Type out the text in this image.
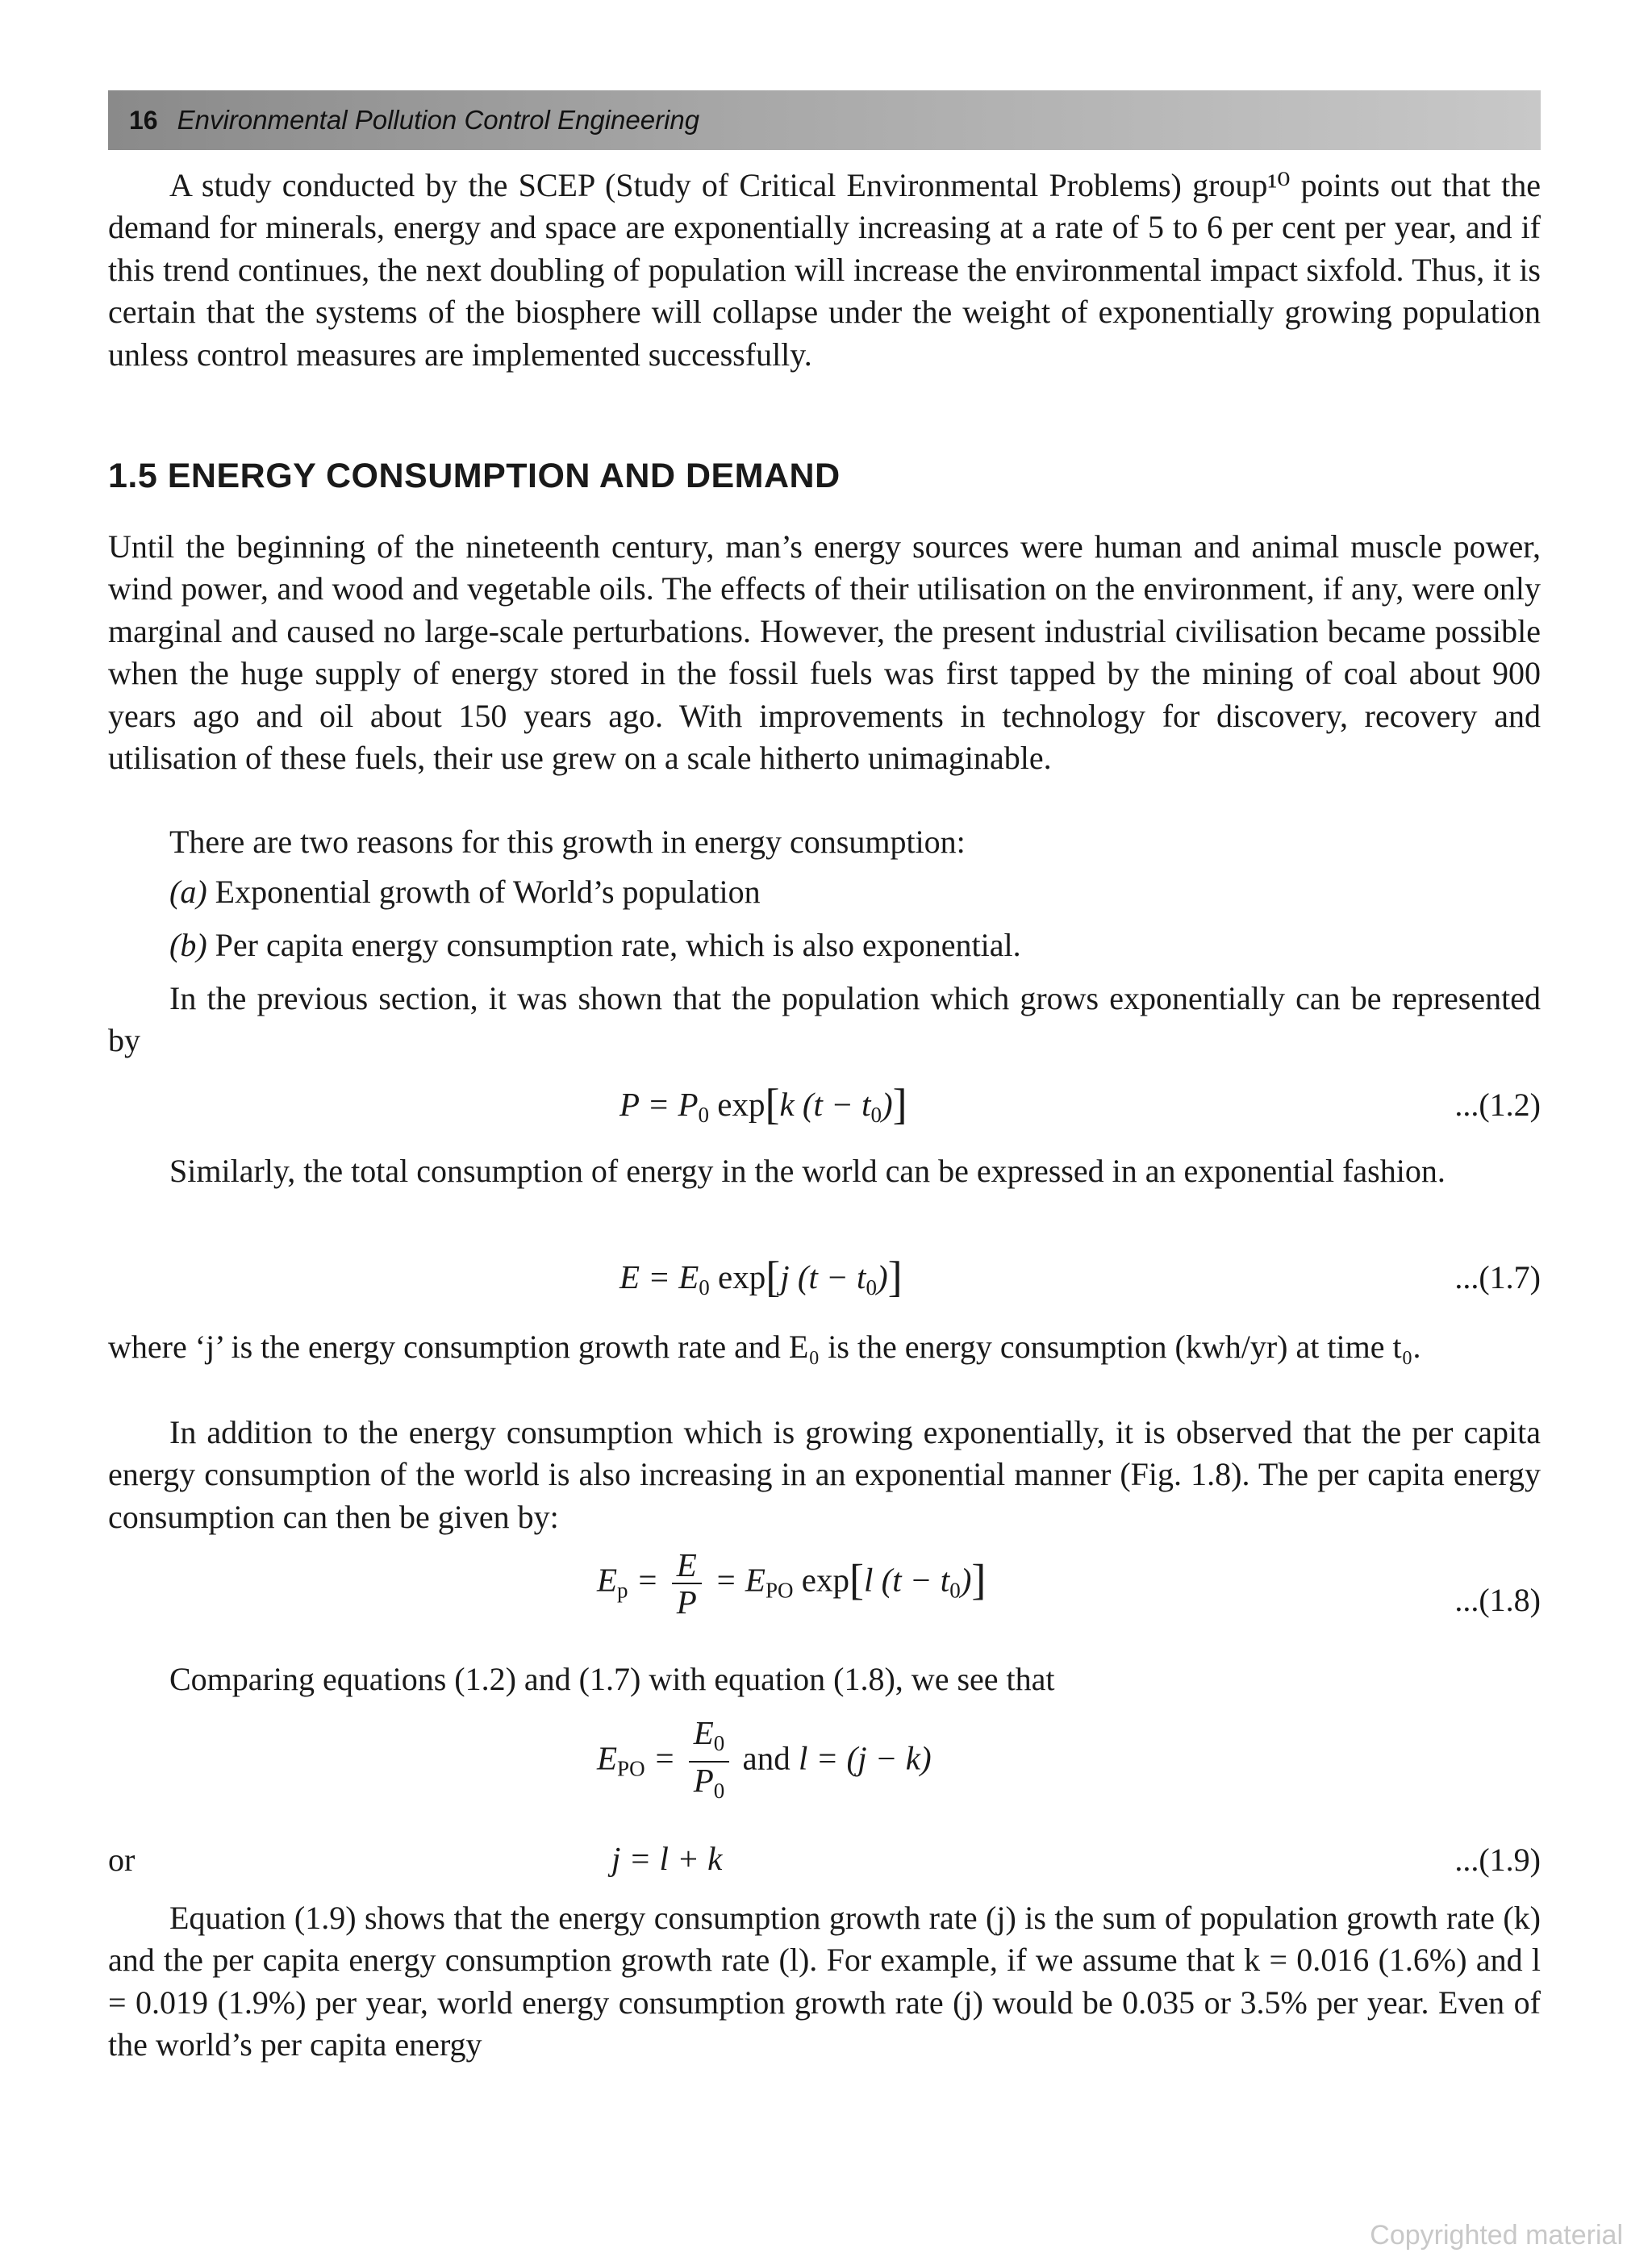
16 Environmental Pollution Control Engineering

A study conducted by the SCEP (Study of Critical Environmental Problems) group¹⁰ points out that the demand for minerals, energy and space are exponentially increasing at a rate of 5 to 6 per cent per year, and if this trend continues, the next doubling of population will increase the environmental impact sixfold. Thus, it is certain that the systems of the biosphere will collapse under the weight of exponentially growing population unless control measures are implemented successfully.

1.5 ENERGY CONSUMPTION AND DEMAND

Until the beginning of the nineteenth century, man’s energy sources were human and animal muscle power, wind power, and wood and vegetable oils. The effects of their utilisation on the environment, if any, were only marginal and caused no large-scale perturbations. However, the present industrial civilisation became possible when the huge supply of energy stored in the fossil fuels was first tapped by the mining of coal about 900 years ago and oil about 150 years ago. With improvements in technology for discovery, recovery and utilisation of these fuels, their use grew on a scale hitherto unimaginable.

There are two reasons for this growth in energy consumption:

(a) Exponential growth of World’s population
(b) Per capita energy consumption rate, which is also exponential.

In the previous section, it was shown that the population which grows exponentially can be represented by

$P = P_0$ exp[k $(t - t_0)$]	...(1.2)

Similarly, the total consumption of energy in the world can be expressed in an exponential fashion.

$E = E_0$ exp[j $(t - t_0)$]	...(1.7)

where ‘j’ is the energy consumption growth rate and E₀ is the energy consumption (kwh/yr) at time t₀.

In addition to the energy consumption which is growing exponentially, it is observed that the per capita energy consumption of the world is also increasing in an exponential manner (Fig. 1.8). The per capita energy consumption can then be given by:

$E_p = \frac{E}{P} = E_{PO}$ exp[l $(t - t_0)$]	...(1.8)

Comparing equations (1.2) and (1.7) with equation (1.8), we see that

$E_{PO} = \frac{E_0}{P_0}$ and l = (j − k)
or	j = l + k	...(1.9)

Equation (1.9) shows that the energy consumption growth rate (j) is the sum of population growth rate (k) and the per capita energy consumption growth rate (l). For example, if we assume that k = 0.016 (1.6%) and l = 0.019 (1.9%) per year, world energy consumption growth rate (j) would be 0.035 or 3.5% per year. Even of the world’s per capita energy

Copyrighted material
